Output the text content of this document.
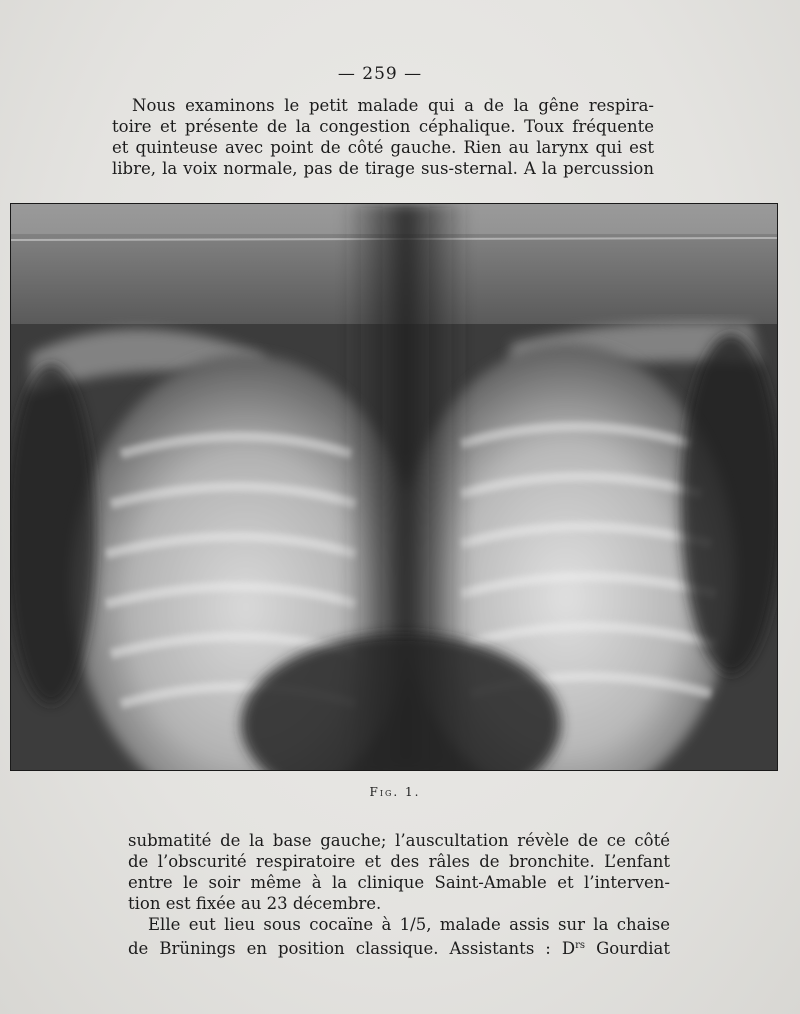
— 259 —

Nous examinons le petit malade qui a de la gêne respira-
toire et présente de la congestion céphalique. Toux fréquente
et quinteuse avec point de côté gauche. Rien au larynx qui est
libre, la voix normale, pas de tirage sus-sternal. A la percussion

Fig. 1.

submatité de la base gauche; l’auscultation révèle de ce côté
de l’obscurité respiratoire et des râles de bronchite. L’enfant
entre le soir même à la clinique Saint-Amable et l’interven-
tion est fixée au 23 décembre.
Elle eut lieu sous cocaïne à 1/5, malade assis sur la chaise
de Brünings en position classique. Assistants : $D^{rs}$ Gourdiat
